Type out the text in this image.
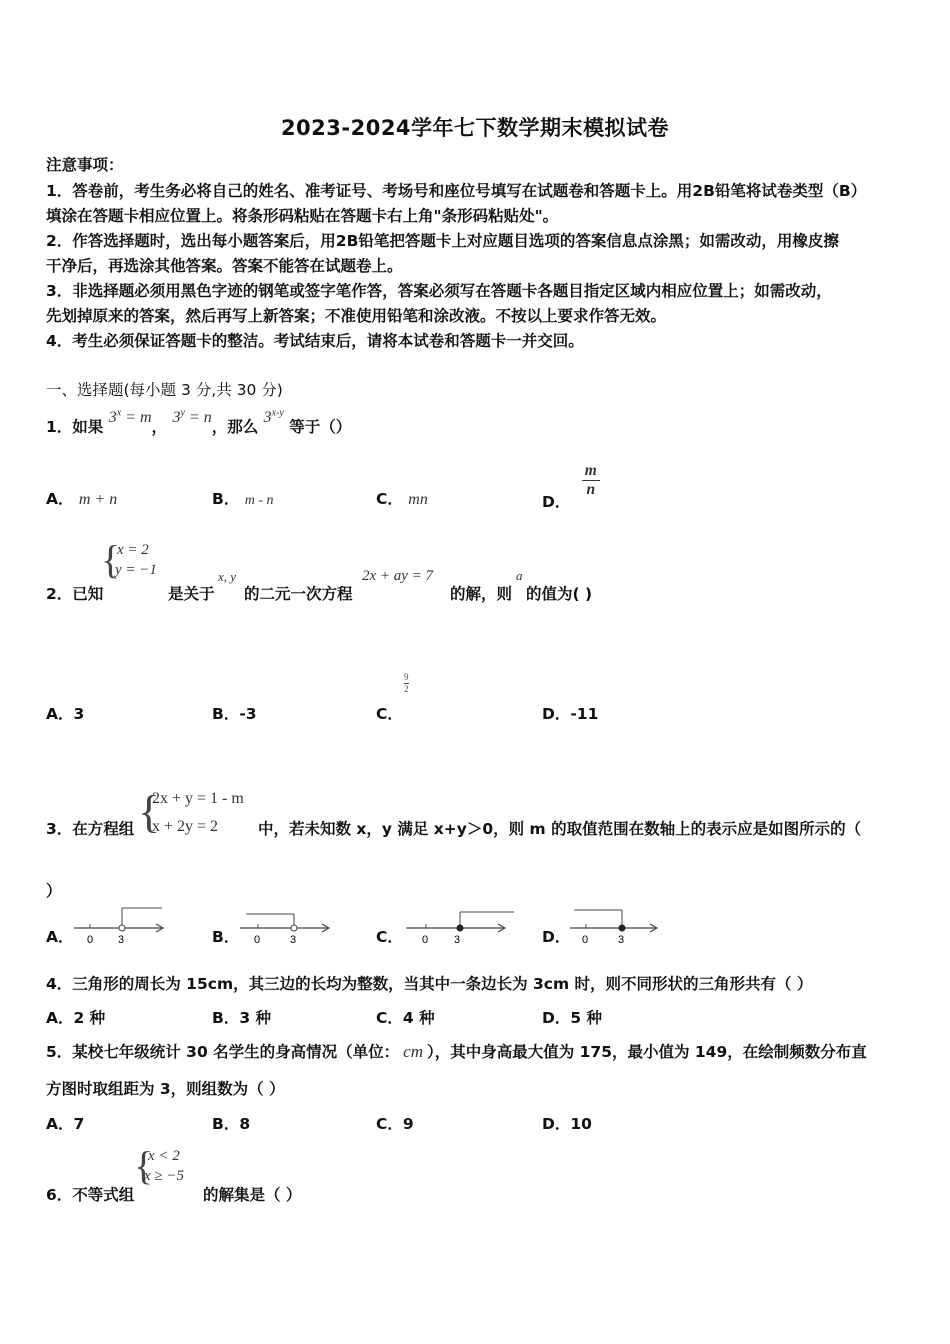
2023-2024学年七下数学期末模拟试卷
注意事项：
1．答卷前，考生务必将自己的姓名、准考证号、考场号和座位号填写在试题卷和答题卡上。用2B铅笔将试卷类型（B）
填涂在答题卡相应位置上。将条形码粘贴在答题卡右上角"条形码粘贴处"。
2．作答选择题时，选出每小题答案后，用2B铅笔把答题卡上对应题目选项的答案信息点涂黑；如需改动，用橡皮擦
干净后，再选涂其他答案。答案不能答在试题卷上。
3．非选择题必须用黑色字迹的钢笔或签字笔作答，答案必须写在答题卡各题目指定区域内相应位置上；如需改动，
先划掉原来的答案，然后再写上新答案；不准使用铅笔和涂改液。不按以上要求作答无效。
4．考生必须保证答题卡的整洁。考试结束后，请将本试卷和答题卡一并交回。
一、选择题(每小题 3 分,共 30 分)
1．如果 $3^x = m$， $3^y = n$，那么 3$^{x-y}$ 等于（）
A． m + n	B． m - n	C． mn	D．
$\frac{m}{n}$
{
x = 2
y = −1
2．已知	是关于
x, y
的二元一次方程
2x + ay = 7
的解，则
a
的值为( )
A．3	B．-3	C．
9
2
D．-11
3．在方程组 {
2x + y = 1 - m
x + 2y = 2	中，若未知数 x，y 满足 x+y＞0，则 m 的取值范围在数轴上的表示应是如图所示的（
）
A． 0 3	B． 0	3	C． 0 3	D． 0	3
4．三角形的周长为 15cm，其三边的长均为整数，当其中一条边长为 3cm 时，则不同形状的三角形共有（ ）
A．2 种	B．3 种	C．4 种	D．5 种
5．某校七年级统计 30 名学生的身高情况（单位： cm ），其中身高最大值为 175，最小值为 149，在绘制频数分布直
方图时取组距为 3，则组数为（ ）
A．7	B．8	C．9	D．10
6．不等式组
{
x < 2
x ≥ −5
的解集是（ ）
